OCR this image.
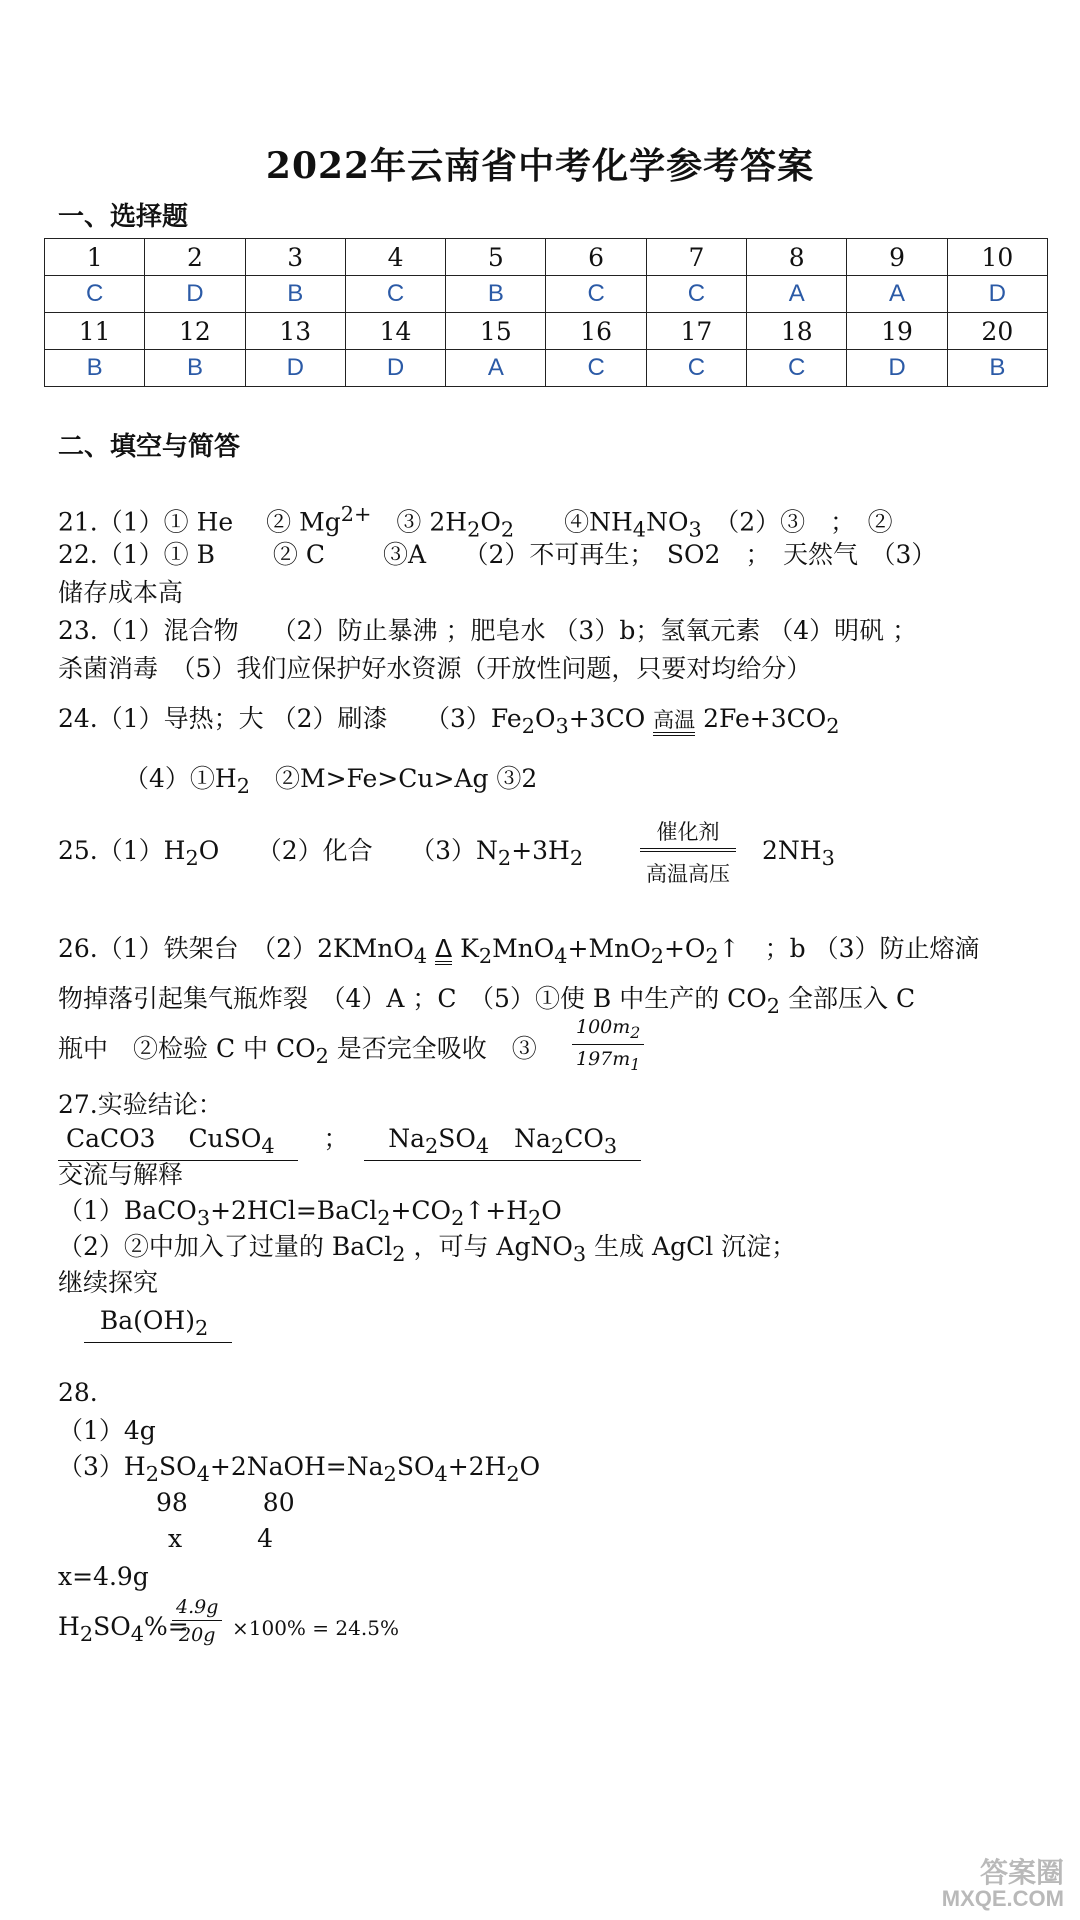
2022年云南省中考化学参考答案
一、选择题
1	2	3	4	5	6	7	8	9	10
C	D	B	C	B	C	C	A	A	D
11	12	13	14	15	16	17	18	19	20
B	B	D	D	A	C	C	C	D	B
二、填空与简答
21.（1）① He　 ② $Mg^{2+}$　③ $2H_2O_2$　　$④NH_4NO_3$　（2）③　；　②
22.（1）① B　　 ② C　　 ③A　　（2）不可再生；　SO2　；　天然气　（3）
储存成本高
23.（1）混合物　 （2）防止暴沸 ；肥皂水 （3）b；氢氧元素 （4）明矾 ；
杀菌消毒　（5）我们应保护好水资源（开放性问题，只要对均给分）
24.（1）导热；大 （2）刷漆　　$(3)Fe_2O_3+3CO$ 高温 $2Fe+3CO_2$
$(4)①H_2$　②M>Fe>Cu>Ag ③2
$25.(1)H_2O$　　（2）化合　　$(3)N_2+3H_2$
催化剂
高温高压
$2NH_3$
26.（1）铁架台　（2）2KMnO$_4$ Δ $K_2MnO_4+MnO_2+O_2↑$　；b （3）防止熔滴
物掉落引起集气瓶炸裂　（4）A ；C　（5）①使 B 中生产的 $CO_2$ 全部压入 C
瓶中　②检验 C 中 $CO_2$ 是否完全吸收　③ $\frac{100m_2}{197m_1}$
27.实验结论：
CaCO3　 CuSO$_4$   　； $Na_2SO_4$　$Na_2CO_3$
交流与解释
$(1)BaCO_3+2HCl=BaCl_2+CO_2↑+H_2O$
（2）②中加入了过量的 BaCl$_2$ ，可与 AgNO$_3$ 生成 AgCl 沉淀；
继续探究
$Ba(OH)_2$
28.
（1）4g
$(3)H_2SO_4+2NaOH=Na_2SO_4+2H_2O$
98　　　80
x　　　4
x=4.9g
$H_2SO_4\%=$
$\frac{4.9g}{20g} \times 100\% = 24.5\%$
答案圈
MXQE.COM
